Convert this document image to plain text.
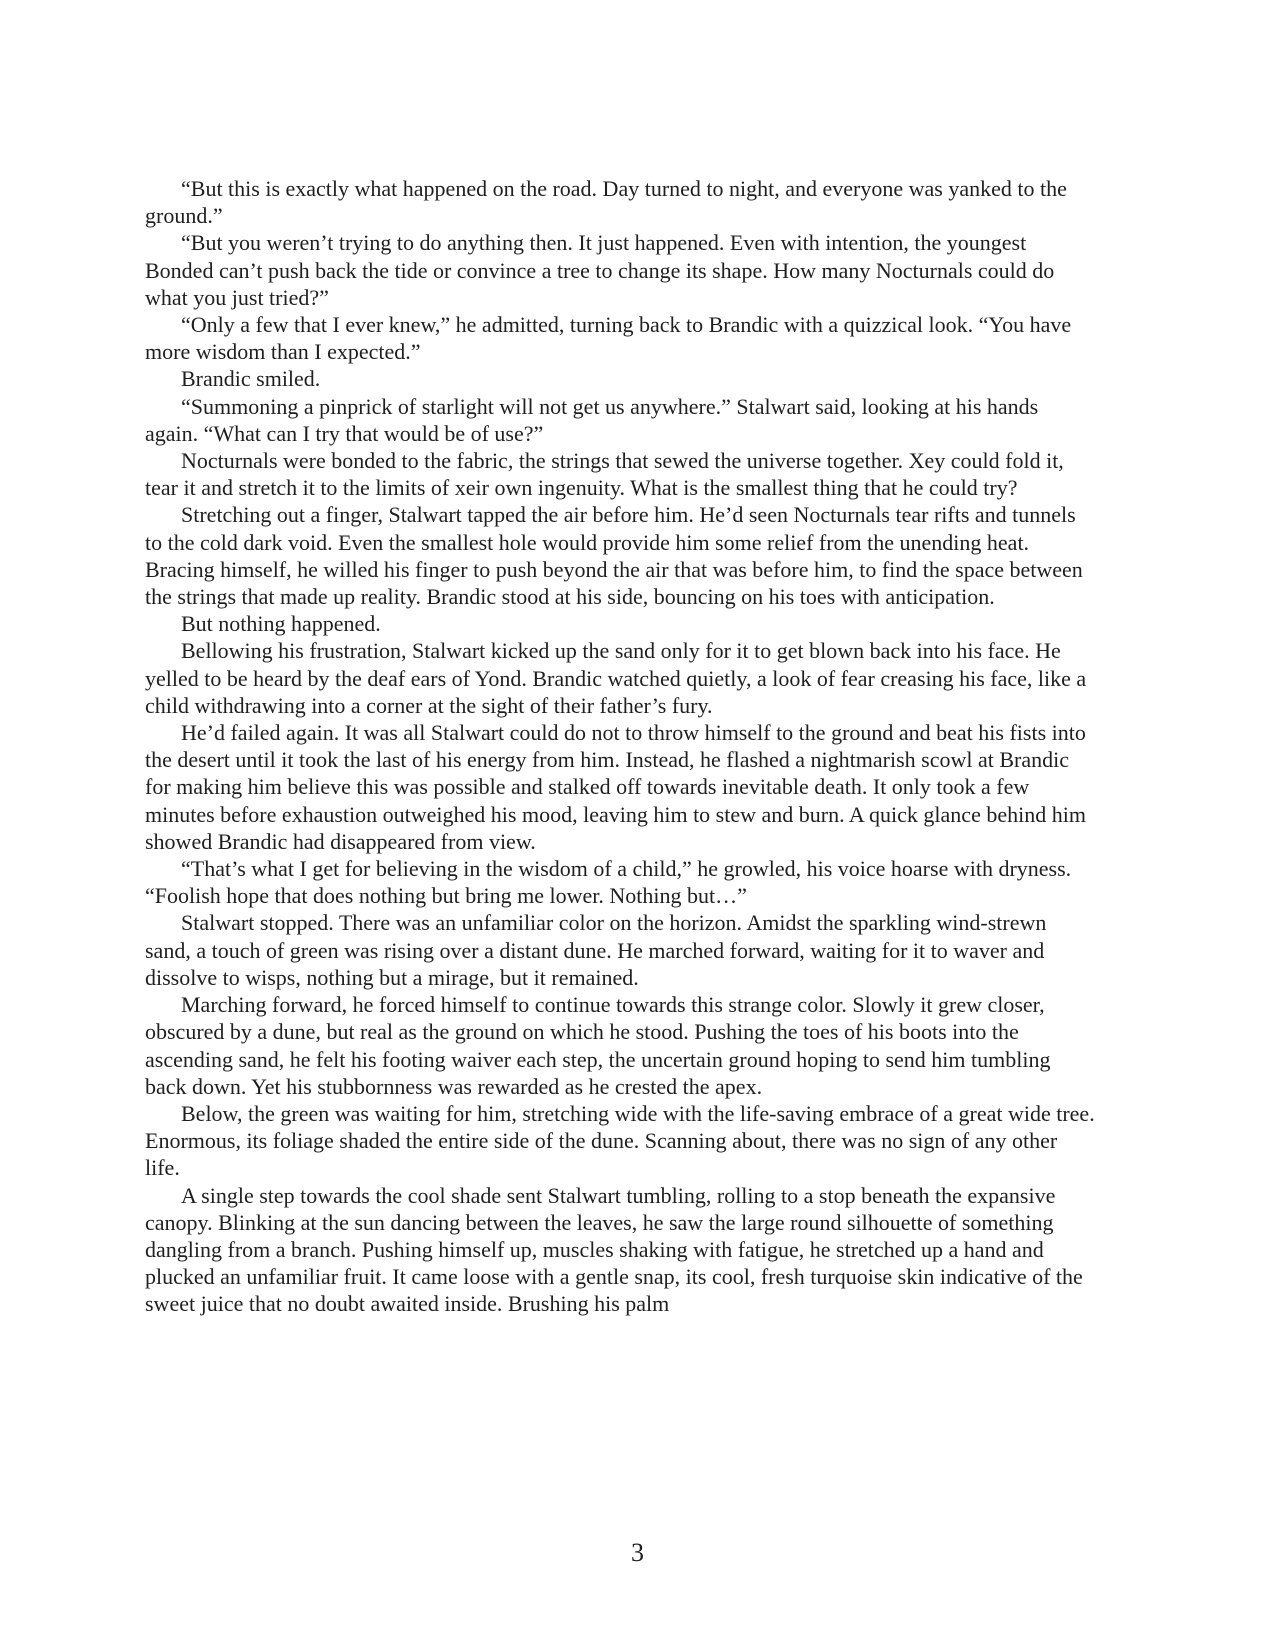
“But this is exactly what happened on the road. Day turned to night, and everyone was yanked to the ground.”

“But you weren’t trying to do anything then. It just happened. Even with intention, the youngest Bonded can’t push back the tide or convince a tree to change its shape. How many Nocturnals could do what you just tried?”

“Only a few that I ever knew,” he admitted, turning back to Brandic with a quizzical look. “You have more wisdom than I expected.”

Brandic smiled.

“Summoning a pinprick of starlight will not get us anywhere.” Stalwart said, looking at his hands again. “What can I try that would be of use?”

Nocturnals were bonded to the fabric, the strings that sewed the universe together. Xey could fold it, tear it and stretch it to the limits of xeir own ingenuity. What is the smallest thing that he could try?

Stretching out a finger, Stalwart tapped the air before him. He’d seen Nocturnals tear rifts and tunnels to the cold dark void. Even the smallest hole would provide him some relief from the unending heat. Bracing himself, he willed his finger to push beyond the air that was before him, to find the space between the strings that made up reality. Brandic stood at his side, bouncing on his toes with anticipation.

But nothing happened.

Bellowing his frustration, Stalwart kicked up the sand only for it to get blown back into his face. He yelled to be heard by the deaf ears of Yond. Brandic watched quietly, a look of fear creasing his face, like a child withdrawing into a corner at the sight of their father’s fury.

He’d failed again. It was all Stalwart could do not to throw himself to the ground and beat his fists into the desert until it took the last of his energy from him. Instead, he flashed a nightmarish scowl at Brandic for making him believe this was possible and stalked off towards inevitable death. It only took a few minutes before exhaustion outweighed his mood, leaving him to stew and burn. A quick glance behind him showed Brandic had disappeared from view.

“That’s what I get for believing in the wisdom of a child,” he growled, his voice hoarse with dryness. “Foolish hope that does nothing but bring me lower. Nothing but…”

Stalwart stopped. There was an unfamiliar color on the horizon. Amidst the sparkling wind-strewn sand, a touch of green was rising over a distant dune. He marched forward, waiting for it to waver and dissolve to wisps, nothing but a mirage, but it remained.

Marching forward, he forced himself to continue towards this strange color. Slowly it grew closer, obscured by a dune, but real as the ground on which he stood. Pushing the toes of his boots into the ascending sand, he felt his footing waiver each step, the uncertain ground hoping to send him tumbling back down. Yet his stubbornness was rewarded as he crested the apex.

Below, the green was waiting for him, stretching wide with the life-saving embrace of a great wide tree. Enormous, its foliage shaded the entire side of the dune. Scanning about, there was no sign of any other life.

A single step towards the cool shade sent Stalwart tumbling, rolling to a stop beneath the expansive canopy. Blinking at the sun dancing between the leaves, he saw the large round silhouette of something dangling from a branch. Pushing himself up, muscles shaking with fatigue, he stretched up a hand and plucked an unfamiliar fruit. It came loose with a gentle snap, its cool, fresh turquoise skin indicative of the sweet juice that no doubt awaited inside. Brushing his palm

3
